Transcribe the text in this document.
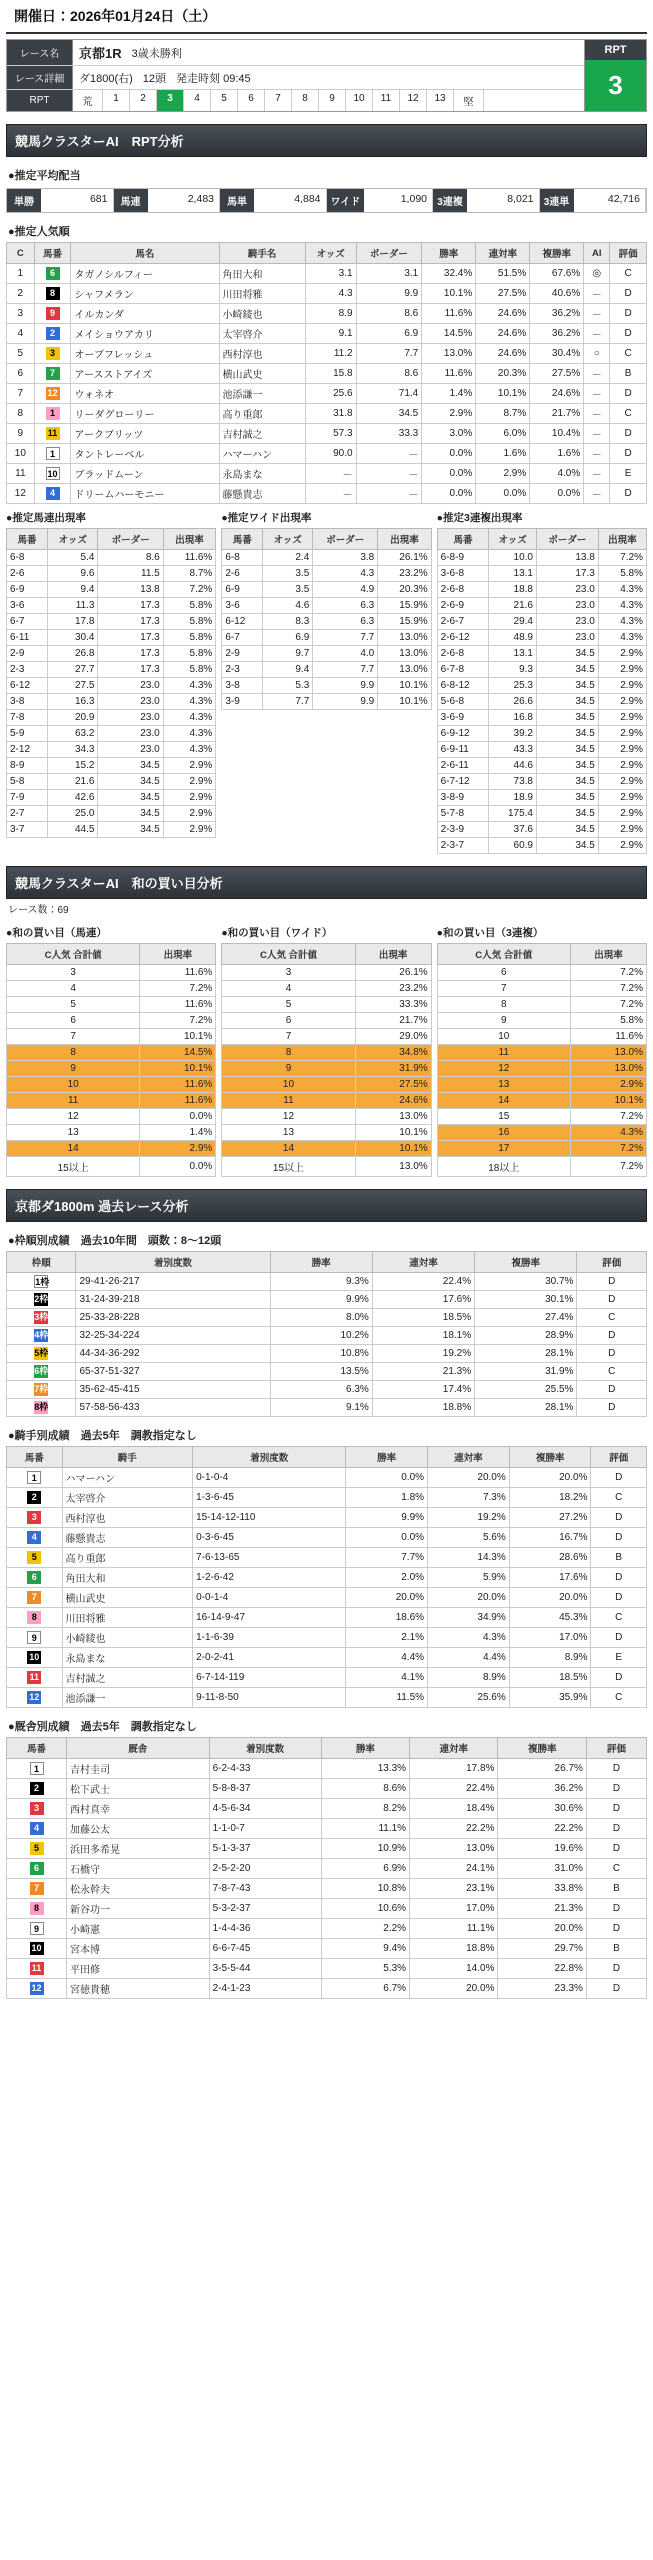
開催日：2026年01月24日（土）
レース名	京都1R 3歳未勝利
レース詳細	ダ1800(右) 12頭 発走時刻 09:45
RPT	荒	1	2	3	4	5	6	7	8	9	10	11	12	13	堅
RPT
3
競馬クラスターAI　RPT分析
●推定平均配当
単勝	681	馬連	2,483	馬単	4,884	ワイド	1,090	3連複	8,021	3連単	42,716
●推定人気順
C	馬番	馬名	騎手名	オッズ	ボーダー	勝率	連対率	複勝率	AI	評価
1	6	タガノシルフィー	角田大和	3.1	3.1	32.4%	51.5%	67.6%	◎	C
2	8	シャフメラン	川田将雅	4.3	9.9	10.1%	27.5%	40.6%	－	D
3	9	イルカンダ	小崎綾也	8.9	8.6	11.6%	24.6%	36.2%	－	D
4	2	メイショウアカリ	太宰啓介	9.1	6.9	14.5%	24.6%	36.2%	－	D
5	3	オーブフレッシュ	西村淳也	11.2	7.7	13.0%	24.6%	30.4%	○	C
6	7	アースストアイズ	横山武史	15.8	8.6	11.6%	20.3%	27.5%	－	B
7	12	ウォネオ	池添謙一	25.6	71.4	1.4%	10.1%	24.6%	－	D
8	1	リーダグローリー	高り重郎	31.8	34.5	2.9%	8.7%	21.7%	－	C
9	11	アークブリッツ	吉村誠之	57.3	33.3	3.0%	6.0%	10.4%	－	D
10	1	タントレーベル	ハマーハン	90.0	－	0.0%	1.6%	1.6%	－	D
11	10	ブラッドムーン	永島まな	－	－	0.0%	2.9%	4.0%	－	E
12	4	ドリームハーモニー	藤懸貴志	－	－	0.0%	0.0%	0.0%	－	D
●推定馬連出現率
馬番	オッズ	ボーダー	出現率
6-8	5.4	8.6	11.6%
2-6	9.6	11.5	8.7%
6-9	9.4	13.8	7.2%
3-6	11.3	17.3	5.8%
6-7	17.8	17.3	5.8%
6-11	30.4	17.3	5.8%
2-9	26.8	17.3	5.8%
2-3	27.7	17.3	5.8%
6-12	27.5	23.0	4.3%
3-8	16.3	23.0	4.3%
7-8	20.9	23.0	4.3%
5-9	63.2	23.0	4.3%
2-12	34.3	23.0	4.3%
8-9	15.2	34.5	2.9%
5-8	21.6	34.5	2.9%
7-9	42.6	34.5	2.9%
2-7	25.0	34.5	2.9%
3-7	44.5	34.5	2.9%
●推定ワイド出現率
馬番	オッズ	ボーダー	出現率
6-8	2.4	3.8	26.1%
2-6	3.5	4.3	23.2%
6-9	3.5	4.9	20.3%
3-6	4.6	6.3	15.9%
6-12	8.3	6.3	15.9%
6-7	6.9	7.7	13.0%
2-9	9.7	4.0	13.0%
2-3	9.4	7.7	13.0%
3-8	5.3	9.9	10.1%
3-9	7.7	9.9	10.1%
●推定3連複出現率
馬番	オッズ	ボーダー	出現率
6-8-9	10.0	13.8	7.2%
3-6-8	13.1	17.3	5.8%
2-6-8	18.8	23.0	4.3%
2-6-9	21.6	23.0	4.3%
2-6-7	29.4	23.0	4.3%
2-6-12	48.9	23.0	4.3%
2-6-8	13.1	34.5	2.9%
6-7-8	9.3	34.5	2.9%
6-8-12	25.3	34.5	2.9%
5-6-8	26.6	34.5	2.9%
3-6-9	16.8	34.5	2.9%
6-9-12	39.2	34.5	2.9%
6-9-11	43.3	34.5	2.9%
2-6-11	44.6	34.5	2.9%
6-7-12	73.8	34.5	2.9%
3-8-9	18.9	34.5	2.9%
5-7-8	175.4	34.5	2.9%
2-3-9	37.6	34.5	2.9%
2-3-7	60.9	34.5	2.9%
競馬クラスターAI　和の買い目分析
レース数：69
●和の買い目（馬連）
C人気 合計値	出現率
3	11.6%
4	7.2%
5	11.6%
6	7.2%
7	10.1%
8	14.5%
9	10.1%
10	11.6%
11	11.6%
12	0.0%
13	1.4%
14	2.9%
15以上	0.0%
●和の買い目（ワイド）
C人気 合計値	出現率
3	26.1%
4	23.2%
5	33.3%
6	21.7%
7	29.0%
8	34.8%
9	31.9%
10	27.5%
11	24.6%
12	13.0%
13	10.1%
14	10.1%
15以上	13.0%
●和の買い目（3連複）
C人気 合計値	出現率
6	7.2%
7	7.2%
8	7.2%
9	5.8%
10	11.6%
11	13.0%
12	13.0%
13	2.9%
14	10.1%
15	7.2%
16	4.3%
17	7.2%
18以上	7.2%
京都ダ1800m 過去レース分析
●枠順別成績　過去10年間　頭数：8～12頭
枠順	着別度数	勝率	連対率	複勝率	評価
1枠	29-41-26-217	9.3%	22.4%	30.7%	D
2枠	31-24-39-218	9.9%	17.6%	30.1%	D
3枠	25-33-28-228	8.0%	18.5%	27.4%	C
4枠	32-25-34-224	10.2%	18.1%	28.9%	D
5枠	44-34-36-292	10.8%	19.2%	28.1%	D
6枠	65-37-51-327	13.5%	21.3%	31.9%	C
7枠	35-62-45-415	6.3%	17.4%	25.5%	D
8枠	57-58-56-433	9.1%	18.8%	28.1%	D
●騎手別成績　過去5年　調教指定なし
馬番	騎手	着別度数	勝率	連対率	複勝率	評価
1	ハマーハン	0-1-0-4	0.0%	20.0%	20.0%	D
2	太宰啓介	1-3-6-45	1.8%	7.3%	18.2%	C
3	西村淳也	15-14-12-110	9.9%	19.2%	27.2%	D
4	藤懸貴志	0-3-6-45	0.0%	5.6%	16.7%	D
5	高り重郎	7-6-13-65	7.7%	14.3%	28.6%	B
6	角田大和	1-2-6-42	2.0%	5.9%	17.6%	D
7	横山武史	0-0-1-4	20.0%	20.0%	20.0%	D
8	川田将雅	16-14-9-47	18.6%	34.9%	45.3%	C
9	小崎綾也	1-1-6-39	2.1%	4.3%	17.0%	D
10	永島まな	2-0-2-41	4.4%	4.4%	8.9%	E
11	吉村誠之	6-7-14-119	4.1%	8.9%	18.5%	D
12	池添謙一	9-11-8-50	11.5%	25.6%	35.9%	C
●厩舎別成績　過去5年　調教指定なし
馬番	厩舎	着別度数	勝率	連対率	複勝率	評価
1	吉村圭司	6-2-4-33	13.3%	17.8%	26.7%	D
2	松下武士	5-8-8-37	8.6%	22.4%	36.2%	D
3	西村真幸	4-5-6-34	8.2%	18.4%	30.6%	D
4	加藤公太	1-1-0-7	11.1%	22.2%	22.2%	D
5	浜田多希晃	5-1-3-37	10.9%	13.0%	19.6%	D
6	石橋守	2-5-2-20	6.9%	24.1%	31.0%	C
7	松永幹夫	7-8-7-43	10.8%	23.1%	33.8%	B
8	新谷功一	5-3-2-37	10.6%	17.0%	21.3%	D
9	小崎憲	1-4-4-36	2.2%	11.1%	20.0%	D
10	宮本博	6-6-7-45	9.4%	18.8%	29.7%	B
11	平田修	3-5-5-44	5.3%	14.0%	22.8%	D
12	宮徳貴穂	2-4-1-23	6.7%	20.0%	23.3%	D
